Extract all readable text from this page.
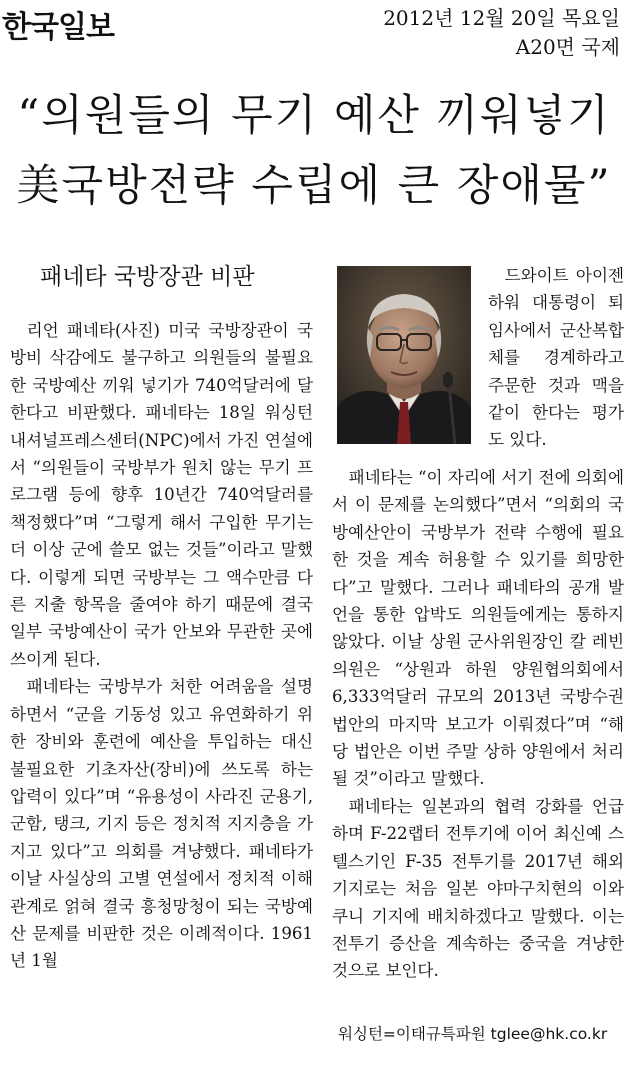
한국일보	2012년 12월 20일 목요일
A20면 국제
“의원들의 무기 예산 끼워넣기
美국방전략 수립에 큰 장애물”
패네타 국방장관 비판

리언 패네타(사진) 미국 국방장관이 국방비 삭감에도 불구하고 의원들의 불필요한 국방예산 끼워 넣기가 740억달러에 달한다고 비판했다. 패네타는 18일 워싱턴 내셔널프레스센터(NPC)에서 가진 연설에서 “의원들이 국방부가 원치 않는 무기 프로그램 등에 향후 10년간 740억달러를 책정했다”며 “그렇게 해서 구입한 무기는 더 이상 군에 쓸모 없는 것들”이라고 말했다. 이렇게 되면 국방부는 그 액수만큼 다른 지출 항목을 줄여야 하기 때문에 결국 일부 국방예산이 국가 안보와 무관한 곳에 쓰이게 된다.

패네타는 국방부가 처한 어려움을 설명하면서 “군을 기동성 있고 유연화하기 위한 장비와 훈련에 예산을 투입하는 대신 불필요한 기초자산(장비)에 쓰도록 하는 압력이 있다”며 “유용성이 사라진 군용기, 군함, 탱크, 기지 등은 정치적 지지층을 가지고 있다”고 의회를 겨냥했다. 패네타가 이날 사실상의 고별 연설에서 정치적 이해관계로 얽혀 결국 흥청망청이 되는 국방예산 문제를 비판한 것은 이례적이다. 1961년 1월

드와이트 아이젠하워 대통령이 퇴임사에서 군산복합체를 경계하라고 주문한 것과 맥을 같이 한다는 평가도 있다.

패네타는 “이 자리에 서기 전에 의회에서 이 문제를 논의했다”면서 “의회의 국방예산안이 국방부가 전략 수행에 필요한 것을 계속 허용할 수 있기를 희망한다”고 말했다. 그러나 패네타의 공개 발언을 통한 압박도 의원들에게는 통하지 않았다. 이날 상원 군사위원장인 칼 레빈 의원은 “상원과 하원 양원협의회에서 6,333억달러 규모의 2013년 국방수권법안의 마지막 보고가 이뤄졌다”며 “해당 법안은 이번 주말 상하 양원에서 처리될 것”이라고 말했다.

패네타는 일본과의 협력 강화를 언급하며 F-22랩터 전투기에 이어 최신예 스텔스기인 F-35 전투기를 2017년 해외 기지로는 처음 일본 야마구치현의 이와쿠니 기지에 배치하겠다고 말했다. 이는 전투기 증산을 계속하는 중국을 겨냥한 것으로 보인다.

워싱턴=이태규특파원 tglee@hk.co.kr
